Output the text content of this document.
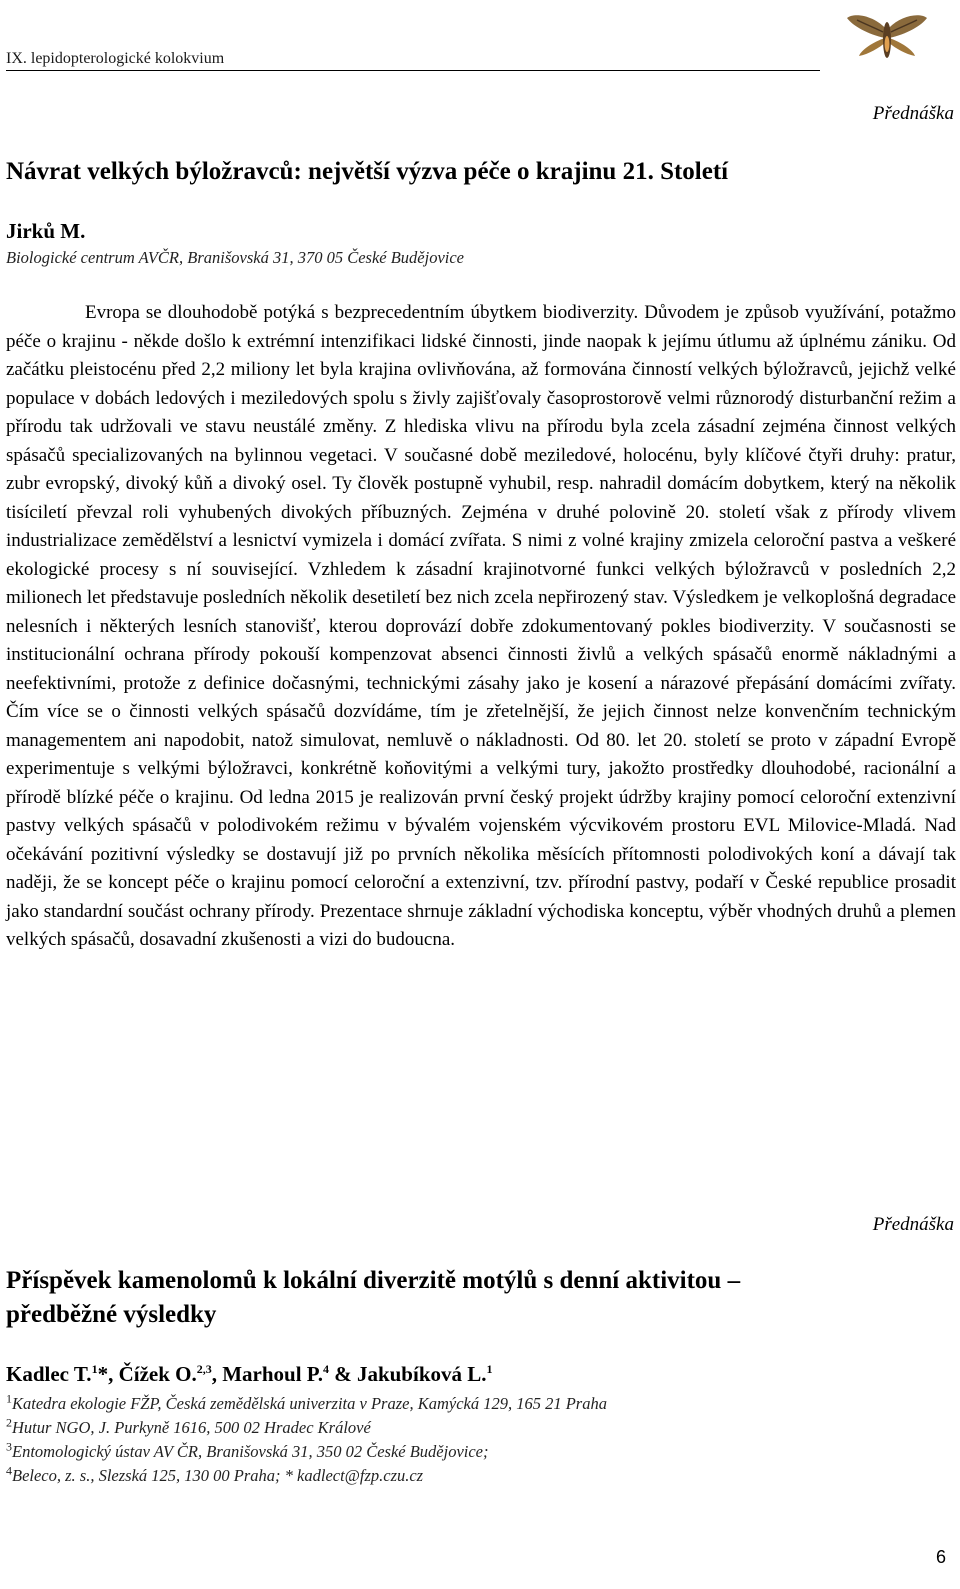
IX. lepidopterologické kolokvium
Přednáška
Návrat velkých býložravců: největší výzva péče o krajinu 21. Století
Jirků M.
Biologické centrum AVČR, Branišovská 31, 370 05 České Budějovice

Evropa se dlouhodobě potýká s bezprecedentním úbytkem biodiverzity. Důvodem je způsob využívání, potažmo péče o krajinu - někde došlo k extrémní intenzifikaci lidské činnosti, jinde naopak k jejímu útlumu až úplnému zániku. Od začátku pleistocénu před 2,2 miliony let byla krajina ovlivňována, až formována činností velkých býložravců, jejichž velké populace v dobách ledových i meziledových spolu s živly zajišťovaly časoprostorově velmi různorodý disturbanční režim a přírodu tak udržovali ve stavu neustálé změny. Z hlediska vlivu na přírodu byla zcela zásadní zejména činnost velkých spásačů specializovaných na bylinnou vegetaci. V současné době meziledové, holocénu, byly klíčové čtyři druhy: pratur, zubr evropský, divoký kůň a divoký osel. Ty člověk postupně vyhubil, resp. nahradil domácím dobytkem, který na několik tisíciletí převzal roli vyhubených divokých příbuzných. Zejména v druhé polovině 20. století však z přírody vlivem industrializace zemědělství a lesnictví vymizela i domácí zvířata. S nimi z volné krajiny zmizela celoroční pastva a veškeré ekologické procesy s ní související. Vzhledem k zásadní krajinotvorné funkci velkých býložravců v posledních 2,2 milionech let představuje posledních několik desetiletí bez nich zcela nepřirozený stav. Výsledkem je velkoplošná degradace nelesních i některých lesních stanovišť, kterou doprovází dobře zdokumentovaný pokles biodiverzity. V současnosti se institucionální ochrana přírody pokouší kompenzovat absenci činnosti živlů a velkých spásačů enormě nákladnými a neefektivními, protože z definice dočasnými, technickými zásahy jako je kosení a nárazové přepásání domácími zvířaty. Čím více se o činnosti velkých spásačů dozvídáme, tím je zřetelnější, že jejich činnost nelze konvenčním technickým managementem ani napodobit, natož simulovat, nemluvě o nákladnosti. Od 80. let 20. století se proto v západní Evropě experimentuje s velkými býložravci, konkrétně koňovitými a velkými tury, jakožto prostředky dlouhodobé, racionální a přírodě blízké péče o krajinu. Od ledna 2015 je realizován první český projekt údržby krajiny pomocí celoroční extenzivní pastvy velkých spásačů v polodivokém režimu v bývalém vojenském výcvikovém prostoru EVL Milovice-Mladá. Nad očekávání pozitivní výsledky se dostavují již po prvních několika měsících přítomnosti polodivokých koní a dávají tak naději, že se koncept péče o krajinu pomocí celoroční a extenzivní, tzv. přírodní pastvy, podaří v České republice prosadit jako standardní součást ochrany přírody. Prezentace shrnuje základní východiska konceptu, výběr vhodných druhů a plemen velkých spásačů, dosavadní zkušenosti a vizi do budoucna.

Přednáška
Příspěvek kamenolomů k lokální diverzitě motýlů s denní aktivitou –
předběžné výsledky
Kadlec T.$^1$*, Čížek O.$^{2,3}$, Marhoul P.$^4$ & Jakubíková L.$^1$
$^1$Katedra ekologie FŽP, Česká zemědělská univerzita v Praze, Kamýcká 129, 165 21 Praha
$^2$Hutur NGO, J. Purkyně 1616, 500 02 Hradec Králové
$^3$Entomologický ústav AV ČR, Branišovská 31, 350 02 České Budějovice;
$^4$Beleco, z. s., Slezská 125, 130 00 Praha; * kadlect@fzp.czu.cz
6
